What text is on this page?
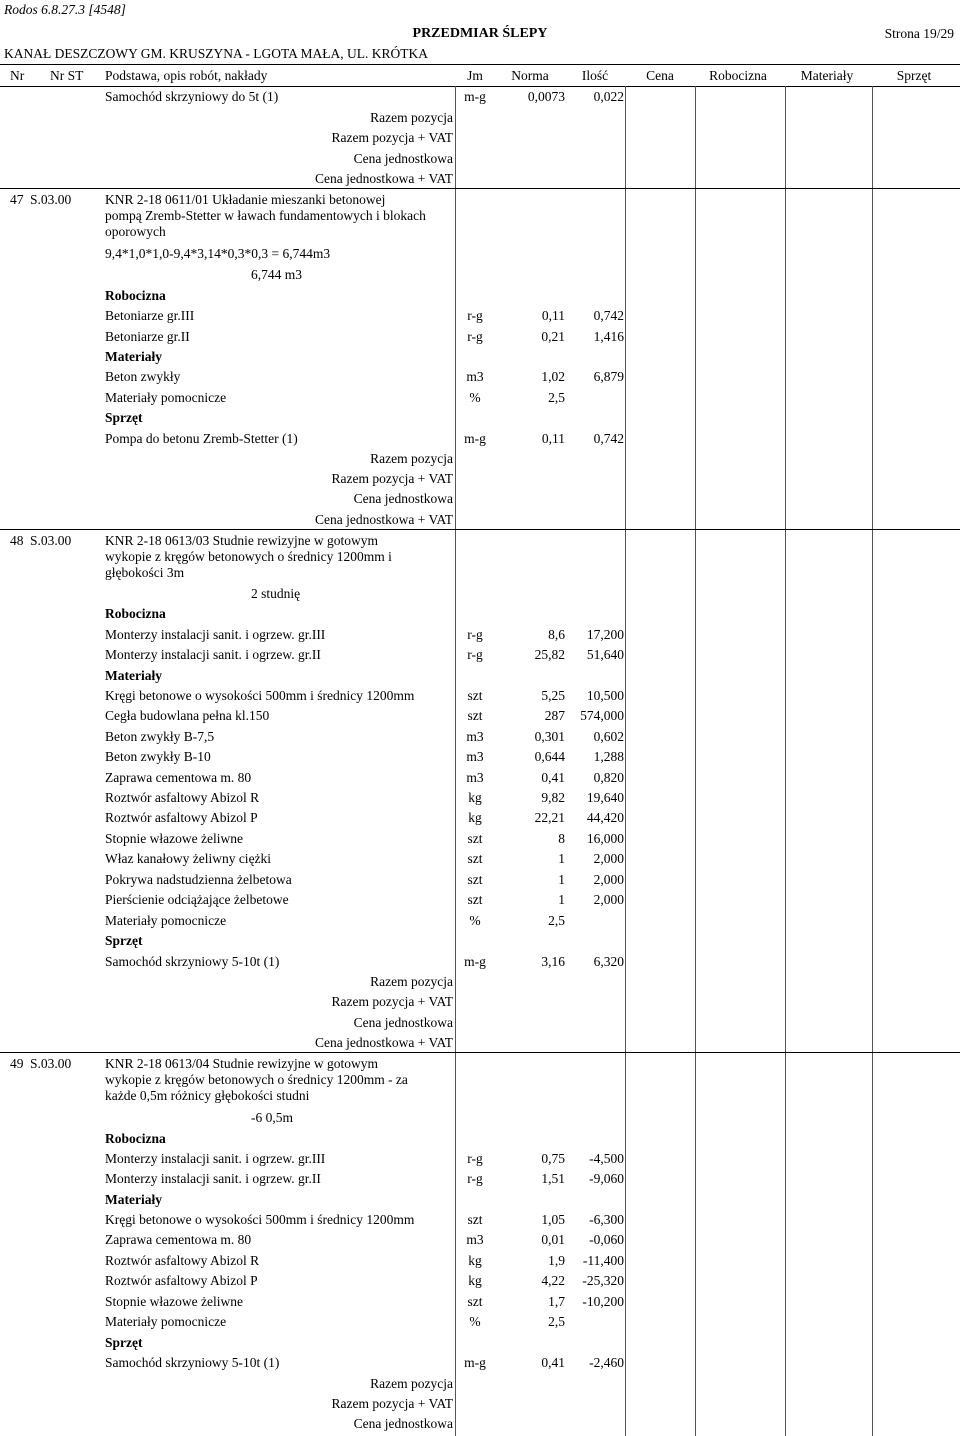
Rodos 6.8.27.3 [4548]
PRZEDMIAR ŚLEPY	Strona 19/29
KANAŁ DESZCZOWY GM. KRUSZYNA - LGOTA MAŁA, UL. KRÓTKA
Nr Nr ST Podstawa, opis robót, nakłady	Jm Norma Ilość	Cena	Robocizna	Materiały	Sprzęt
Samochód skrzyniowy do 5t (1)	m-g	0,0073 0,022
Razem pozycja
Razem pozycja + VAT
Cena jednostkowa
Cena jednostkowa + VAT
47 S.03.00 KNR 2-18 0611/01 Układanie mieszanki betonowej
pompą Zremb-Stetter w ławach fundamentowych i blokach
oporowych
9,4*1,0*1,0-9,4*3,14*0,3*0,3 = 6,744m3
6,744 m3
Robocizna
Betoniarze gr.III	r-g	0,11 0,742
Betoniarze gr.II	r-g	0,21 1,416
Materiały
Beton zwykły	m3	1,02 6,879
Materiały pomocnicze	%	2,5
Sprzęt
Pompa do betonu Zremb-Stetter (1)	m-g	0,11 0,742
Razem pozycja
Razem pozycja + VAT
Cena jednostkowa
Cena jednostkowa + VAT
48 S.03.00 KNR 2-18 0613/03 Studnie rewizyjne w gotowym
wykopie z kręgów betonowych o średnicy 1200mm i
głębokości 3m
2 studnię
Robocizna
Monterzy instalacji sanit. i ogrzew. gr.III	r-g	8,6 17,200
Monterzy instalacji sanit. i ogrzew. gr.II	r-g	25,82 51,640
Materiały
Kręgi betonowe o wysokości 500mm i średnicy 1200mm	szt	5,25 10,500
Cegła budowlana pełna kl.150	szt	287 574,000
Beton zwykły B-7,5	m3	0,301 0,602
Beton zwykły B-10	m3	0,644 1,288
Zaprawa cementowa m. 80	m3	0,41 0,820
Roztwór asfaltowy Abizol R	kg	9,82 19,640
Roztwór asfaltowy Abizol P	kg	22,21 44,420
Stopnie włazowe żeliwne	szt	8 16,000
Właz kanałowy żeliwny ciężki	szt	1 2,000
Pokrywa nadstudzienna żelbetowa	szt	1 2,000
Pierścienie odciążające żelbetowe	szt	1 2,000
Materiały pomocnicze	%	2,5
Sprzęt
Samochód skrzyniowy 5-10t (1)	m-g	3,16 6,320
Razem pozycja
Razem pozycja + VAT
Cena jednostkowa
Cena jednostkowa + VAT
49 S.03.00 KNR 2-18 0613/04 Studnie rewizyjne w gotowym
wykopie z kręgów betonowych o średnicy 1200mm - za
każde 0,5m różnicy głębokości studni
-6 0,5m
Robocizna
Monterzy instalacji sanit. i ogrzew. gr.III	r-g	0,75 -4,500
Monterzy instalacji sanit. i ogrzew. gr.II	r-g	1,51 -9,060
Materiały
Kręgi betonowe o wysokości 500mm i średnicy 1200mm	szt	1,05 -6,300
Zaprawa cementowa m. 80	m3	0,01 -0,060
Roztwór asfaltowy Abizol R	kg	1,9 -11,400
Roztwór asfaltowy Abizol P	kg	4,22 -25,320
Stopnie włazowe żeliwne	szt	1,7 -10,200
Materiały pomocnicze	%	2,5
Sprzęt
Samochód skrzyniowy 5-10t (1)	m-g	0,41 -2,460
Razem pozycja
Razem pozycja + VAT
Cena jednostkowa
